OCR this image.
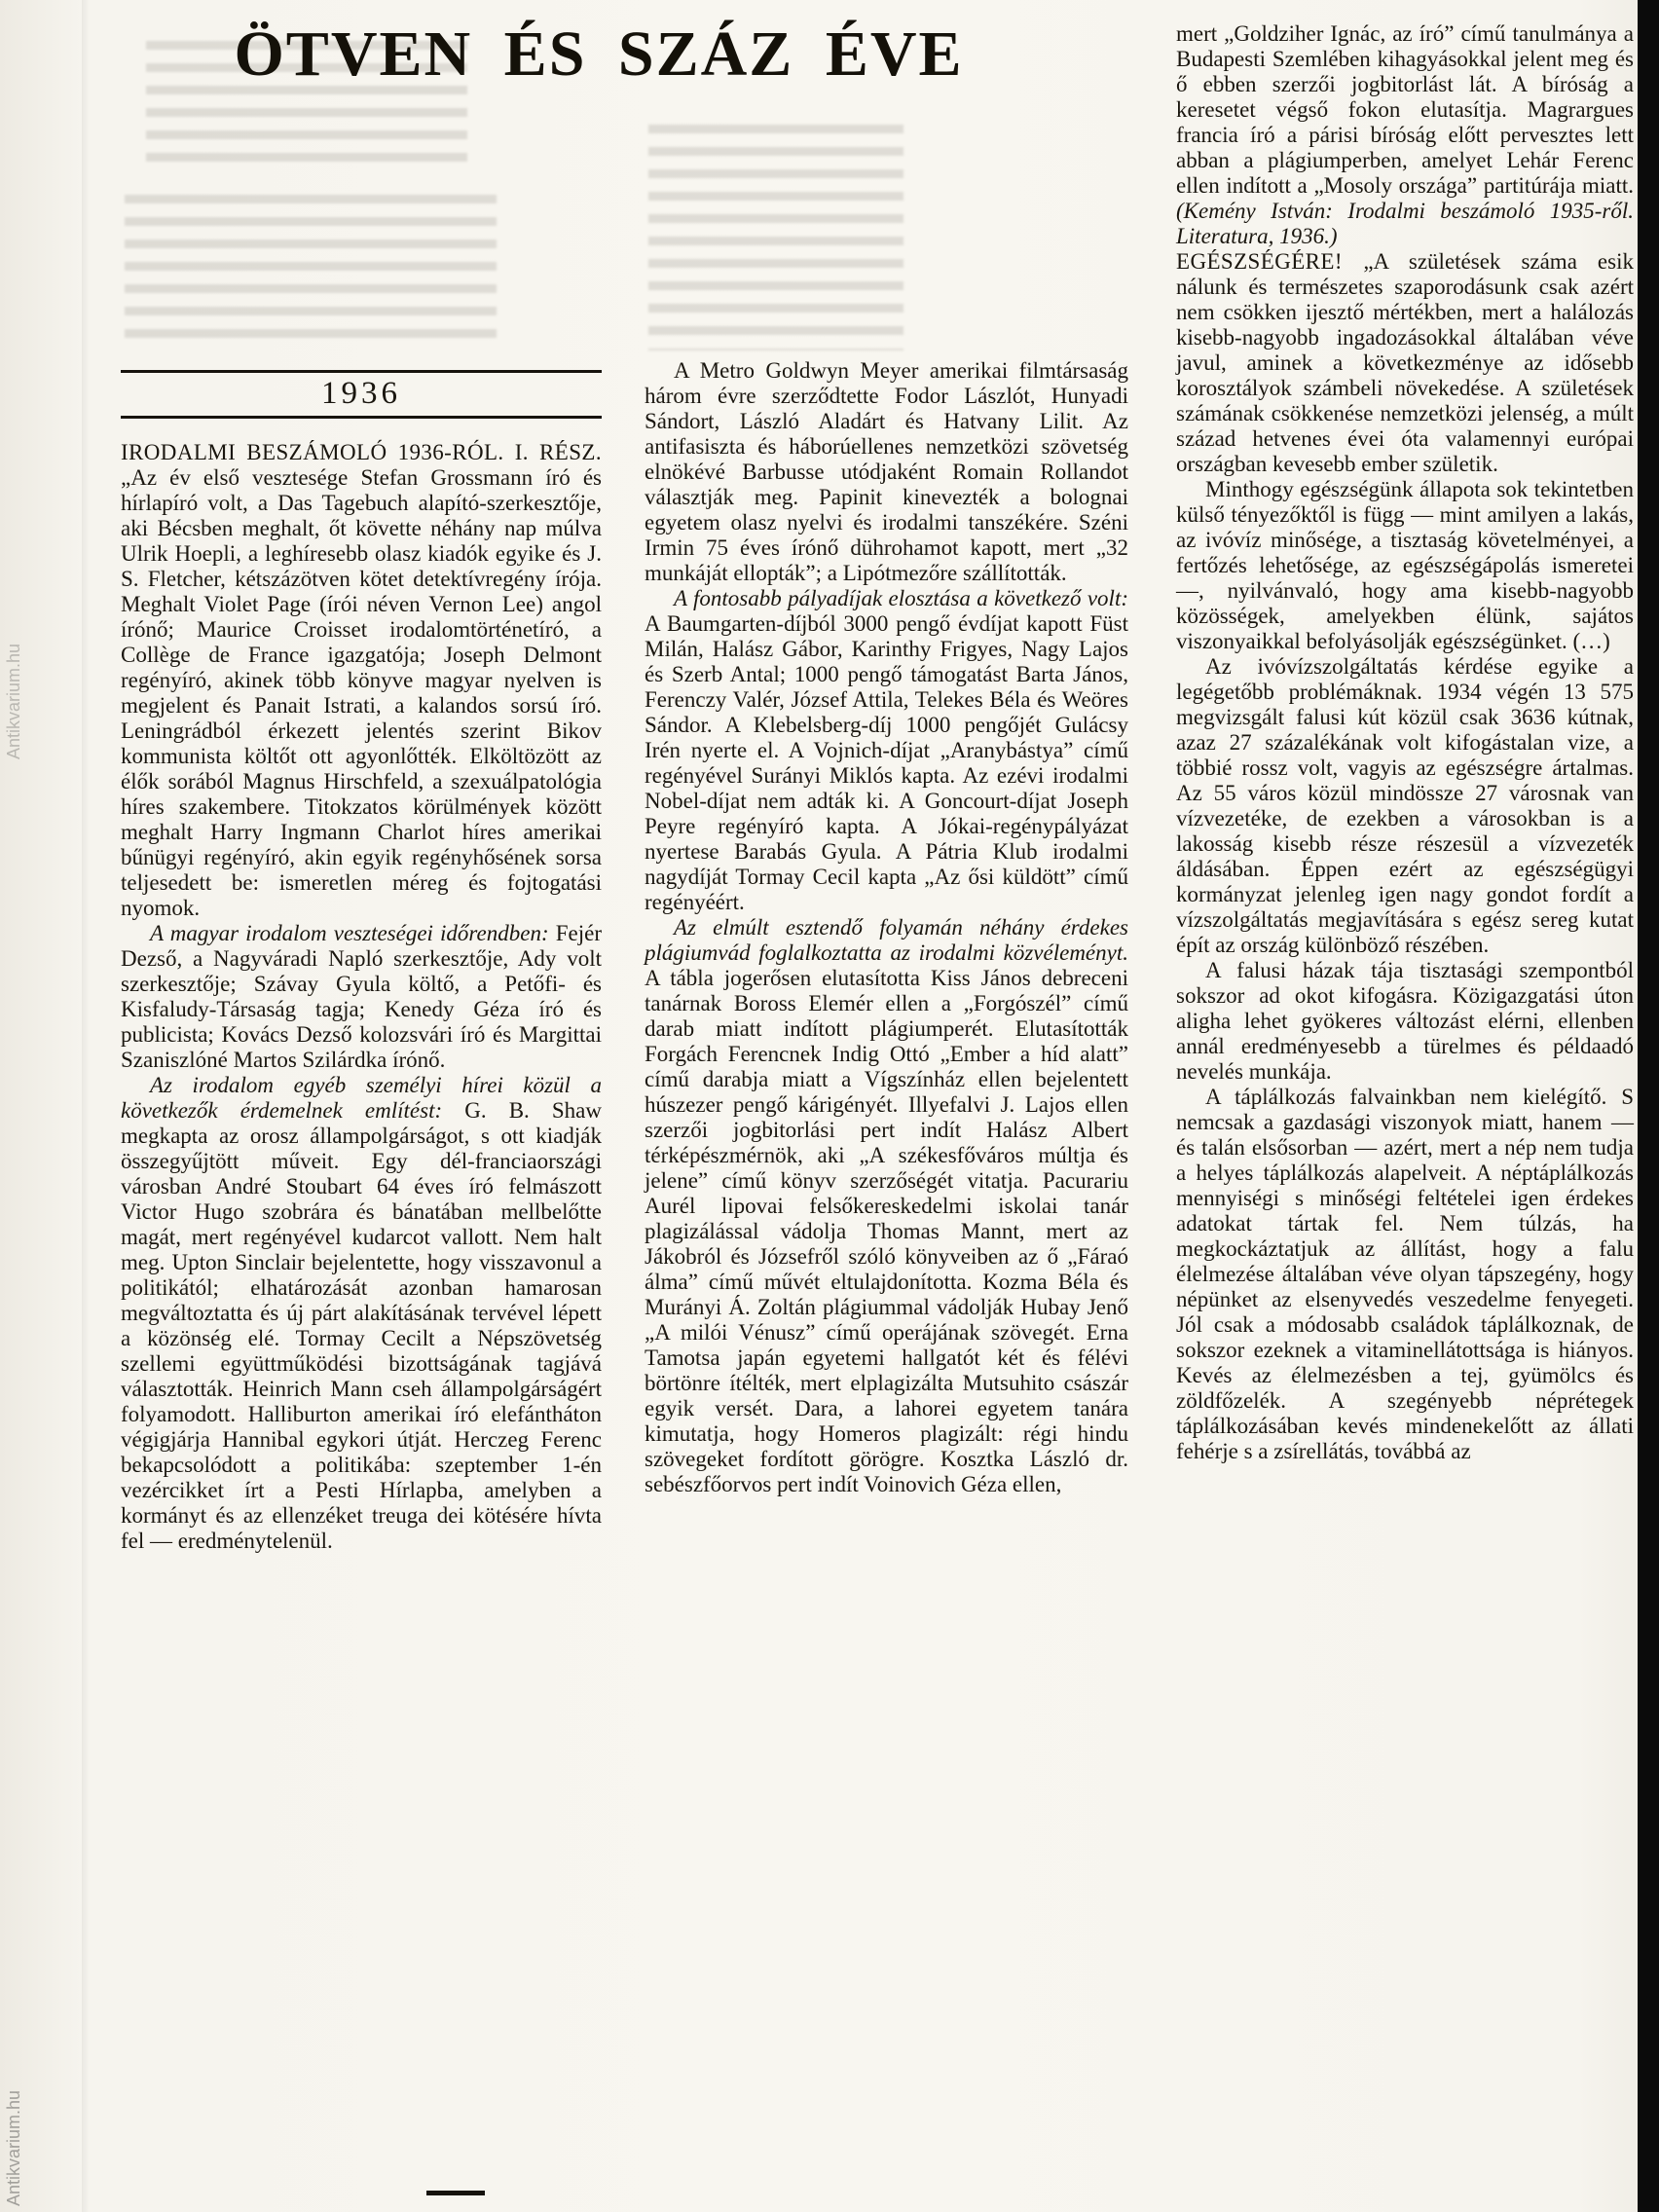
Antikvarium.hu
Antikvarium.hu
ÖTVEN ÉS SZÁZ ÉVE
1936

IRODALMI BESZÁMOLÓ 1936-RÓL. I. RÉSZ. „Az év első vesztesége Stefan Grossmann író és hírlapíró volt, a Das Tagebuch alapító-szerkesztője, aki Bécsben meghalt, őt követte néhány nap múlva Ulrik Hoepli, a leghíresebb olasz kiadók egyike és J. S. Fletcher, kétszázötven kötet detektívregény írója. Meghalt Violet Page (írói néven Vernon Lee) angol írónő; Maurice Croisset irodalomtörténetíró, a Collège de France igazgatója; Joseph Delmont regényíró, akinek több könyve magyar nyelven is megjelent és Panait Istrati, a kalandos sorsú író. Leningrádból érkezett jelentés szerint Bikov kommunista költőt ott agyonlőtték. Elköltözött az élők sorából Magnus Hirschfeld, a szexuálpatológia híres szakembere. Titokzatos körülmények között meghalt Harry Ingmann Charlot híres amerikai bűnügyi regényíró, akin egyik regényhősének sorsa teljesedett be: ismeretlen méreg és fojtogatási nyomok.

A magyar irodalom veszteségei időrendben: Fejér Dezső, a Nagyváradi Napló szerkesztője, Ady volt szerkesztője; Szávay Gyula költő, a Petőfi- és Kisfaludy-Társaság tagja; Kenedy Géza író és publicista; Kovács Dezső kolozsvári író és Margittai Szaniszlóné Martos Szilárdka írónő.

Az irodalom egyéb személyi hírei közül a következők érdemelnek említést: G. B. Shaw megkapta az orosz állampolgárságot, s ott kiadják összegyűjtött műveit. Egy dél-franciaországi városban André Stoubart 64 éves író felmászott Victor Hugo szobrára és bánatában mellbelőtte magát, mert regényével kudarcot vallott. Nem halt meg. Upton Sinclair bejelentette, hogy visszavonul a politikától; elhatározását azonban hamarosan megváltoztatta és új párt alakításának tervével lépett a közönség elé. Tormay Cecilt a Népszövetség szellemi együttműködési bizottságának tagjává választották. Heinrich Mann cseh állampolgárságért folyamodott. Halliburton amerikai író elefántháton végigjárja Hannibal egykori útját. Herczeg Ferenc bekapcsolódott a politikába: szeptember 1-én vezércikket írt a Pesti Hírlapba, amelyben a kormányt és az ellenzéket treuga dei kötésére hívta fel — eredménytelenül.

A Metro Goldwyn Meyer amerikai filmtársaság három évre szerződtette Fodor Lászlót, Hunyadi Sándort, László Aladárt és Hatvany Lilit. Az antifasiszta és háborúellenes nemzetközi szövetség elnökévé Barbusse utódjaként Romain Rollandot választják meg. Papinit kinevezték a bolognai egyetem olasz nyelvi és irodalmi tanszékére. Széni Irmin 75 éves írónő dührohamot kapott, mert „32 munkáját ellopták”; a Lipótmezőre szállították.

A fontosabb pályadíjak elosztása a következő volt: A Baumgarten-díjból 3000 pengő évdíjat kapott Füst Milán, Halász Gábor, Karinthy Frigyes, Nagy Lajos és Szerb Antal; 1000 pengő támogatást Barta János, Ferenczy Valér, József Attila, Telekes Béla és Weöres Sándor. A Klebelsberg-díj 1000 pengőjét Gulácsy Irén nyerte el. A Vojnich-díjat „Aranybástya” című regényével Surányi Miklós kapta. Az ezévi irodalmi Nobel-díjat nem adták ki. A Goncourt-díjat Joseph Peyre regényíró kapta. A Jókai-regénypályázat nyertese Barabás Gyula. A Pátria Klub irodalmi nagydíját Tormay Cecil kapta „Az ősi küldött” című regényéért.

Az elmúlt esztendő folyamán néhány érdekes plágiumvád foglalkoztatta az irodalmi közvéleményt. A tábla jogerősen elutasította Kiss János debreceni tanárnak Boross Elemér ellen a „Forgószél” című darab miatt indított plágiumperét. Elutasították Forgách Ferencnek Indig Ottó „Ember a híd alatt” című darabja miatt a Vígszínház ellen bejelentett húszezer pengő kárigényét. Illyefalvi J. Lajos ellen szerzői jogbitorlási pert indít Halász Albert térképészmérnök, aki „A székesfőváros múltja és jelene” című könyv szerzőségét vitatja. Pacurariu Aurél lipovai felsőkereskedelmi iskolai tanár plagizálással vádolja Thomas Mannt, mert az Jákobról és Józsefről szóló könyveiben az ő „Fáraó álma” című művét eltulajdonította. Kozma Béla és Murányi Á. Zoltán plágiummal vádolják Hubay Jenő „A milói Vénusz” című operájának szövegét. Erna Tamotsa japán egyetemi hallgatót két és félévi börtönre ítélték, mert elplagizálta Mutsuhito császár egyik versét. Dara, a lahorei egyetem tanára kimutatja, hogy Homeros plagizált: régi hindu szövegeket fordított görögre. Kosztka László dr. sebészfőorvos pert indít Voinovich Géza ellen,

mert „Goldziher Ignác, az író” című tanulmánya a Budapesti Szemlében kihagyásokkal jelent meg és ő ebben szerzői jogbitorlást lát. A bíróság a keresetet végső fokon elutasítja. Magrargues francia író a párisi bíróság előtt pervesztes lett abban a plágiumperben, amelyet Lehár Ferenc ellen indított a „Mosoly országa” partitúrája miatt. (Kemény István: Irodalmi beszámoló 1935-ről. Literatura, 1936.)

EGÉSZSÉGÉRE! „A születések száma esik nálunk és természetes szaporodásunk csak azért nem csökken ijesztő mértékben, mert a halálozás kisebb-nagyobb ingadozásokkal általában véve javul, aminek a következménye az idősebb korosztályok számbeli növekedése. A születések számának csökkenése nemzetközi jelenség, a múlt század hetvenes évei óta valamennyi európai országban kevesebb ember születik.

Minthogy egészségünk állapota sok tekintetben külső tényezőktől is függ — mint amilyen a lakás, az ivóvíz minősége, a tisztaság követelményei, a fertőzés lehetősége, az egészségápolás ismeretei —, nyilvánvaló, hogy ama kisebb-nagyobb közösségek, amelyekben élünk, sajátos viszonyaikkal befolyásolják egészségünket. (…)

Az ivóvízszolgáltatás kérdése egyike a legégetőbb problémáknak. 1934 végén 13 575 megvizsgált falusi kút közül csak 3636 kútnak, azaz 27 százalékának volt kifogástalan vize, a többié rossz volt, vagyis az egészségre ártalmas. Az 55 város közül mindössze 27 városnak van vízvezetéke, de ezekben a városokban is a lakosság kisebb része részesül a vízvezeték áldásában. Éppen ezért az egészségügyi kormányzat jelenleg igen nagy gondot fordít a vízszolgáltatás megjavítására s egész sereg kutat épít az ország különböző részében.

A falusi házak tája tisztasági szempontból sokszor ad okot kifogásra. Közigazgatási úton aligha lehet gyökeres változást elérni, ellenben annál eredményesebb a türelmes és példaadó nevelés munkája.

A táplálkozás falvainkban nem kielégítő. S nemcsak a gazdasági viszonyok miatt, hanem — és talán elsősorban — azért, mert a nép nem tudja a helyes táplálkozás alapelveit. A néptáplálkozás mennyiségi s minőségi feltételei igen érdekes adatokat tártak fel. Nem túlzás, ha megkockáztatjuk az állítást, hogy a falu élelmezése általában véve olyan tápszegény, hogy népünket az elsenyvedés veszedelme fenyegeti. Jól csak a módosabb családok táplálkoznak, de sokszor ezeknek a vitaminellátottsága is hiányos. Kevés az élelmezésben a tej, gyümölcs és zöldfőzelék. A szegényebb néprétegek táplálkozásában kevés mindenekelőtt az állati fehérje s a zsírellátás, továbbá az
